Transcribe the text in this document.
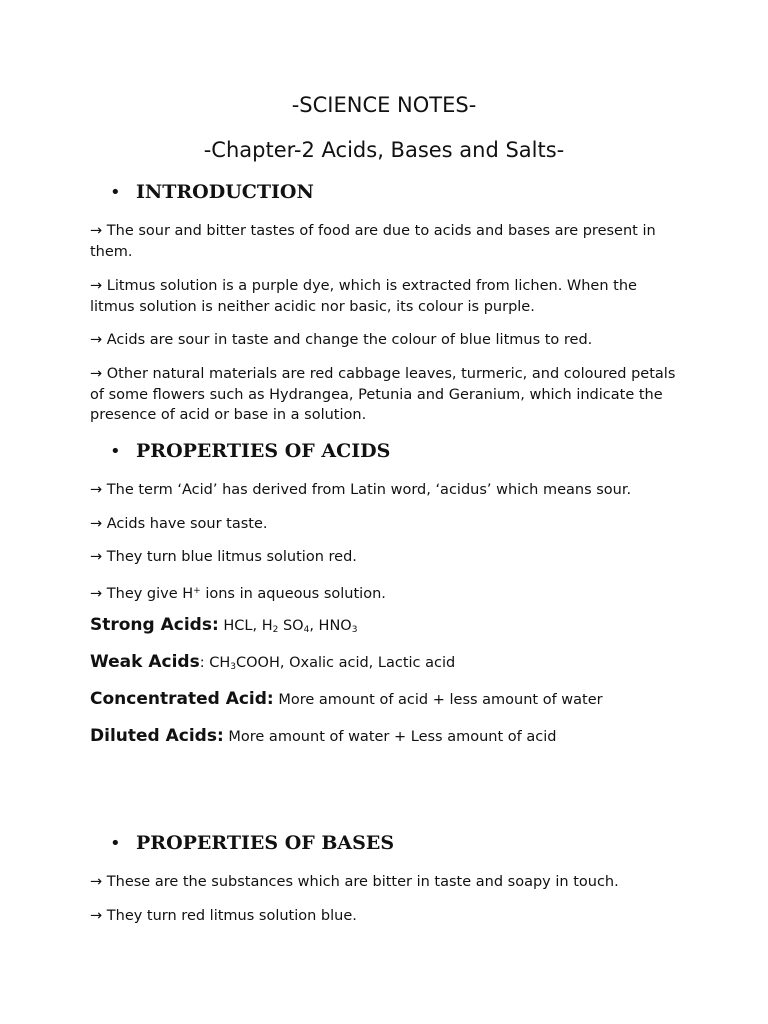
-SCIENCE NOTES-
-Chapter-2 Acids, Bases and Salts-
• INTRODUCTION

→ The sour and bitter tastes of food are due to acids and bases are present in them.

→ Litmus solution is a purple dye, which is extracted from lichen. When the litmus solution is neither acidic nor basic, its colour is purple.

→ Acids are sour in taste and change the colour of blue litmus to red.

→ Other natural materials are red cabbage leaves, turmeric, and coloured petals of some flowers such as Hydrangea, Petunia and Geranium, which indicate the presence of acid or base in a solution.

• PROPERTIES OF ACIDS

→ The term ‘Acid’ has derived from Latin word, ‘acidus’ which means sour.

→ Acids have sour taste.

→ They turn blue litmus solution red.

→ They give H+ ions in aqueous solution.

Strong Acids: HCL, $H_2$ $SO_4$, $HNO_3$

Weak Acids: $CH_3COOH$, Oxalic acid, Lactic acid

Concentrated Acid: More amount of acid + less amount of water

Diluted Acids: More amount of water + Less amount of acid

• PROPERTIES OF BASES

→ These are the substances which are bitter in taste and soapy in touch.

→ They turn red litmus solution blue.
